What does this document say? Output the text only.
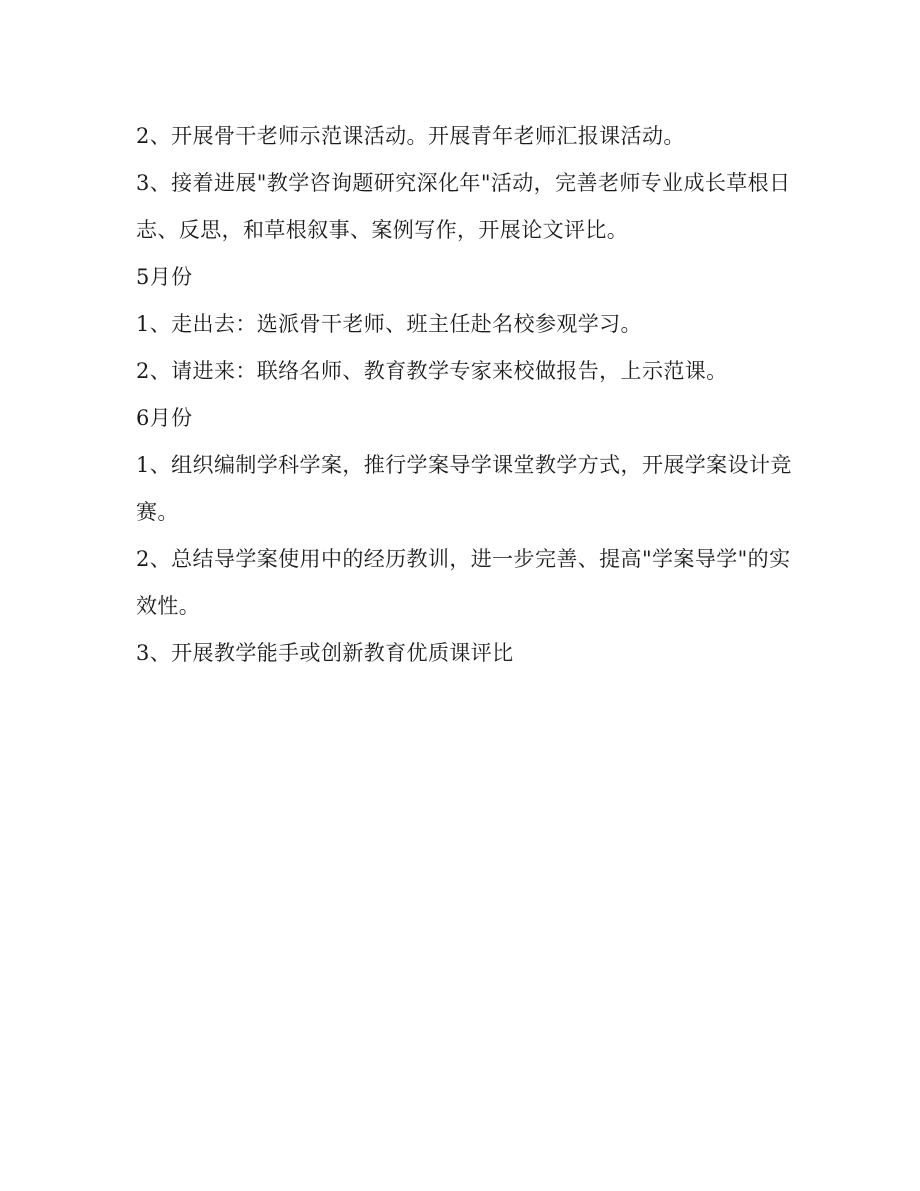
2、开展骨干老师示范课活动。开展青年老师汇报课活动。
3、接着进展"教学咨询题研究深化年"活动，完善老师专业成长草根日
志、反思，和草根叙事、案例写作，开展论文评比。
5月份
1、走出去：选派骨干老师、班主任赴名校参观学习。
2、请进来：联络名师、教育教学专家来校做报告，上示范课。
6月份
1、组织编制学科学案，推行学案导学课堂教学方式，开展学案设计竞
赛。
2、总结导学案使用中的经历教训，进一步完善、提高"学案导学"的实
效性。
3、开展教学能手或创新教育优质课评比
